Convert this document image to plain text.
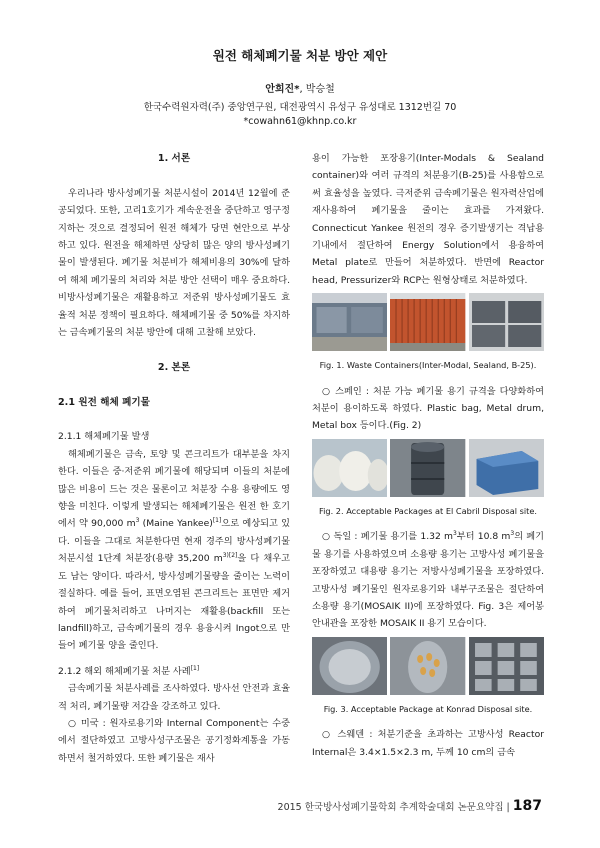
원전 해체폐기물 처분 방안 제안
안희진*, 박승철
한국수력원자력(주) 중앙연구원, 대전광역시 유성구 유성대로 1312번길 70
*cowahn61@khnp.co.kr
1. 서론
우리나라 방사성폐기물 처분시설이 2014년 12월에 준공되었다. 또한, 고리1호기가 계속운전을 중단하고 영구정지하는 것으로 결정되어 원전 해체가 당면 현안으로 부상하고 있다. 원전을 해체하면 상당히 많은 양의 방사성폐기물이 발생된다. 폐기물 처분비가 해체비용의 30%에 달하여 해체 폐기물의 처리와 처분 방안 선택이 매우 중요하다. 비방사성폐기물은 재활용하고 저준위 방사성폐기물도 효율적 처분 정책이 필요하다. 해체폐기물 중 50%를 차지하는 금속폐기물의 처분 방안에 대해 고찰해 보았다.
2. 본론
2.1 원전 해체 폐기물
2.1.1 해체폐기물 발생
해체폐기물은 금속, 토양 및 콘크리트가 대부분을 차지한다. 이들은 중·저준위 폐기물에 해당되며 이들의 처분에 많은 비용이 드는 것은 물론이고 처분장 수용 용량에도 영향을 미친다. 이렇게 발생되는 해체폐기물은 원전 한 호기에서 약 90,000 $m^3$ (Maine Yankee)[1]으로 예상되고 있다. 이들을 그대로 처분한다면 현재 경주의 방사성폐기물 처분시설 1단계 처분장(용량 35,200 $m^{3)[2]}$을 다 채우고도 남는 양이다. 따라서, 방사성폐기물량을 줄이는 노력이 절실하다. 예를 들어, 표면오염된 콘크리트는 표면만 제거하여 폐기물처리하고 나머지는 재활용(backfill 또는 landfill)하고, 금속폐기물의 경우 용융시켜 Ingot으로 만들어 폐기물 양을 줄인다.
2.1.2 해외 해체폐기물 처분 사례[1]
금속폐기물 처분사례를 조사하였다. 방사선 안전과 효율적 처리, 폐기물량 저감을 강조하고 있다.
○ 미국 : 원자로용기와 Internal Component는 수중에서 절단하였고 고방사성구조물은 공기정화계통을 가동하면서 철거하였다. 또한 폐기물은 재사
용이 가능한 포장용기(Inter-Modals & Sealand container)와 여러 규격의 처분용기(B-25)를 사용함으로써 효율성을 높였다. 극저준위 금속폐기물은 원자력산업에 재사용하여 폐기물을 줄이는 효과를 가져왔다. Connecticut Yankee 원전의 경우 증기발생기는 격납용기내에서 절단하여 Energy Solution에서 용융하여 Metal plate로 만들어 처분하였다. 반면에 Reactor head, Pressurizer와 RCP는 원형상태로 처분하였다.
Fig. 1. Waste Containers(Inter-Modal, Sealand, B-25).
○ 스페인 : 처분 가능 폐기물 용기 규격을 다양화하여 처분이 용이하도록 하였다. Plastic bag, Metal drum, Metal box 등이다.(Fig. 2)
Fig. 2. Acceptable Packages at El Cabril Disposal site.
○ 독일 : 폐기물 용기를 1.32 $m^3$부터 10.8 $m^3$의 폐기물 용기를 사용하였으며 소용량 용기는 고방사성 폐기물을 포장하였고 대용량 용기는 저방사성폐기물을 포장하였다. 고방사성 폐기물인 원자로용기와 내부구조물은 절단하여 소용량 용기(MOSAIK II)에 포장하였다. Fig. 3은 제어봉안내관을 포장한 MOSAIK II 용기 모습이다.
Fig. 3. Acceptable Package at Konrad Disposal site.
○ 스웨덴 : 처분기준을 초과하는 고방사성 Reactor Internal은 3.4×1.5×2.3 m, 두께 10 cm의 금속
2015 한국방사성폐기물학회 추계학술대회 논문요약집 | 187
